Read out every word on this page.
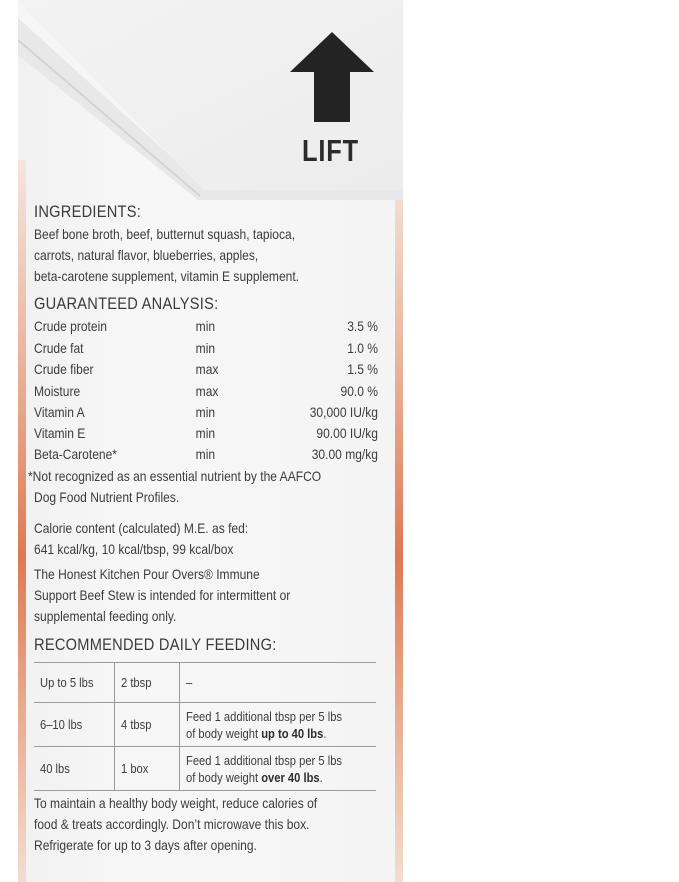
LIFT
INGREDIENTS:
Beef bone broth, beef, butternut squash, tapioca,
carrots, natural flavor, blueberries, apples,
beta-carotene supplement, vitamin E supplement.
GUARANTEED ANALYSIS:
Crude protein	min	3.5 %
Crude fat	min	1.0 %
Crude fiber	max	1.5 %
Moisture	max	90.0 %
Vitamin A	min	30,000 IU/kg
Vitamin E	min	90.00 IU/kg
Beta-Carotene*	min	30.00 mg/kg
*Not recognized as an essential nutrient by the AAFCO
Dog Food Nutrient Profiles.
Calorie content (calculated) M.E. as fed:
641 kcal/kg, 10 kcal/tbsp, 99 kcal/box
The Honest Kitchen Pour Overs® Immune
Support Beef Stew is intended for intermittent or
supplemental feeding only.
RECOMMENDED DAILY FEEDING:
Up to 5 lbs	2 tbsp	–
6–10 lbs	4 tbsp	Feed 1 additional tbsp per 5 lbs
of body weight up to 40 lbs.
40 lbs	1 box	Feed 1 additional tbsp per 5 lbs
of body weight over 40 lbs.
To maintain a healthy body weight, reduce calories of
food & treats accordingly. Don’t microwave this box.
Refrigerate for up to 3 days after opening.
